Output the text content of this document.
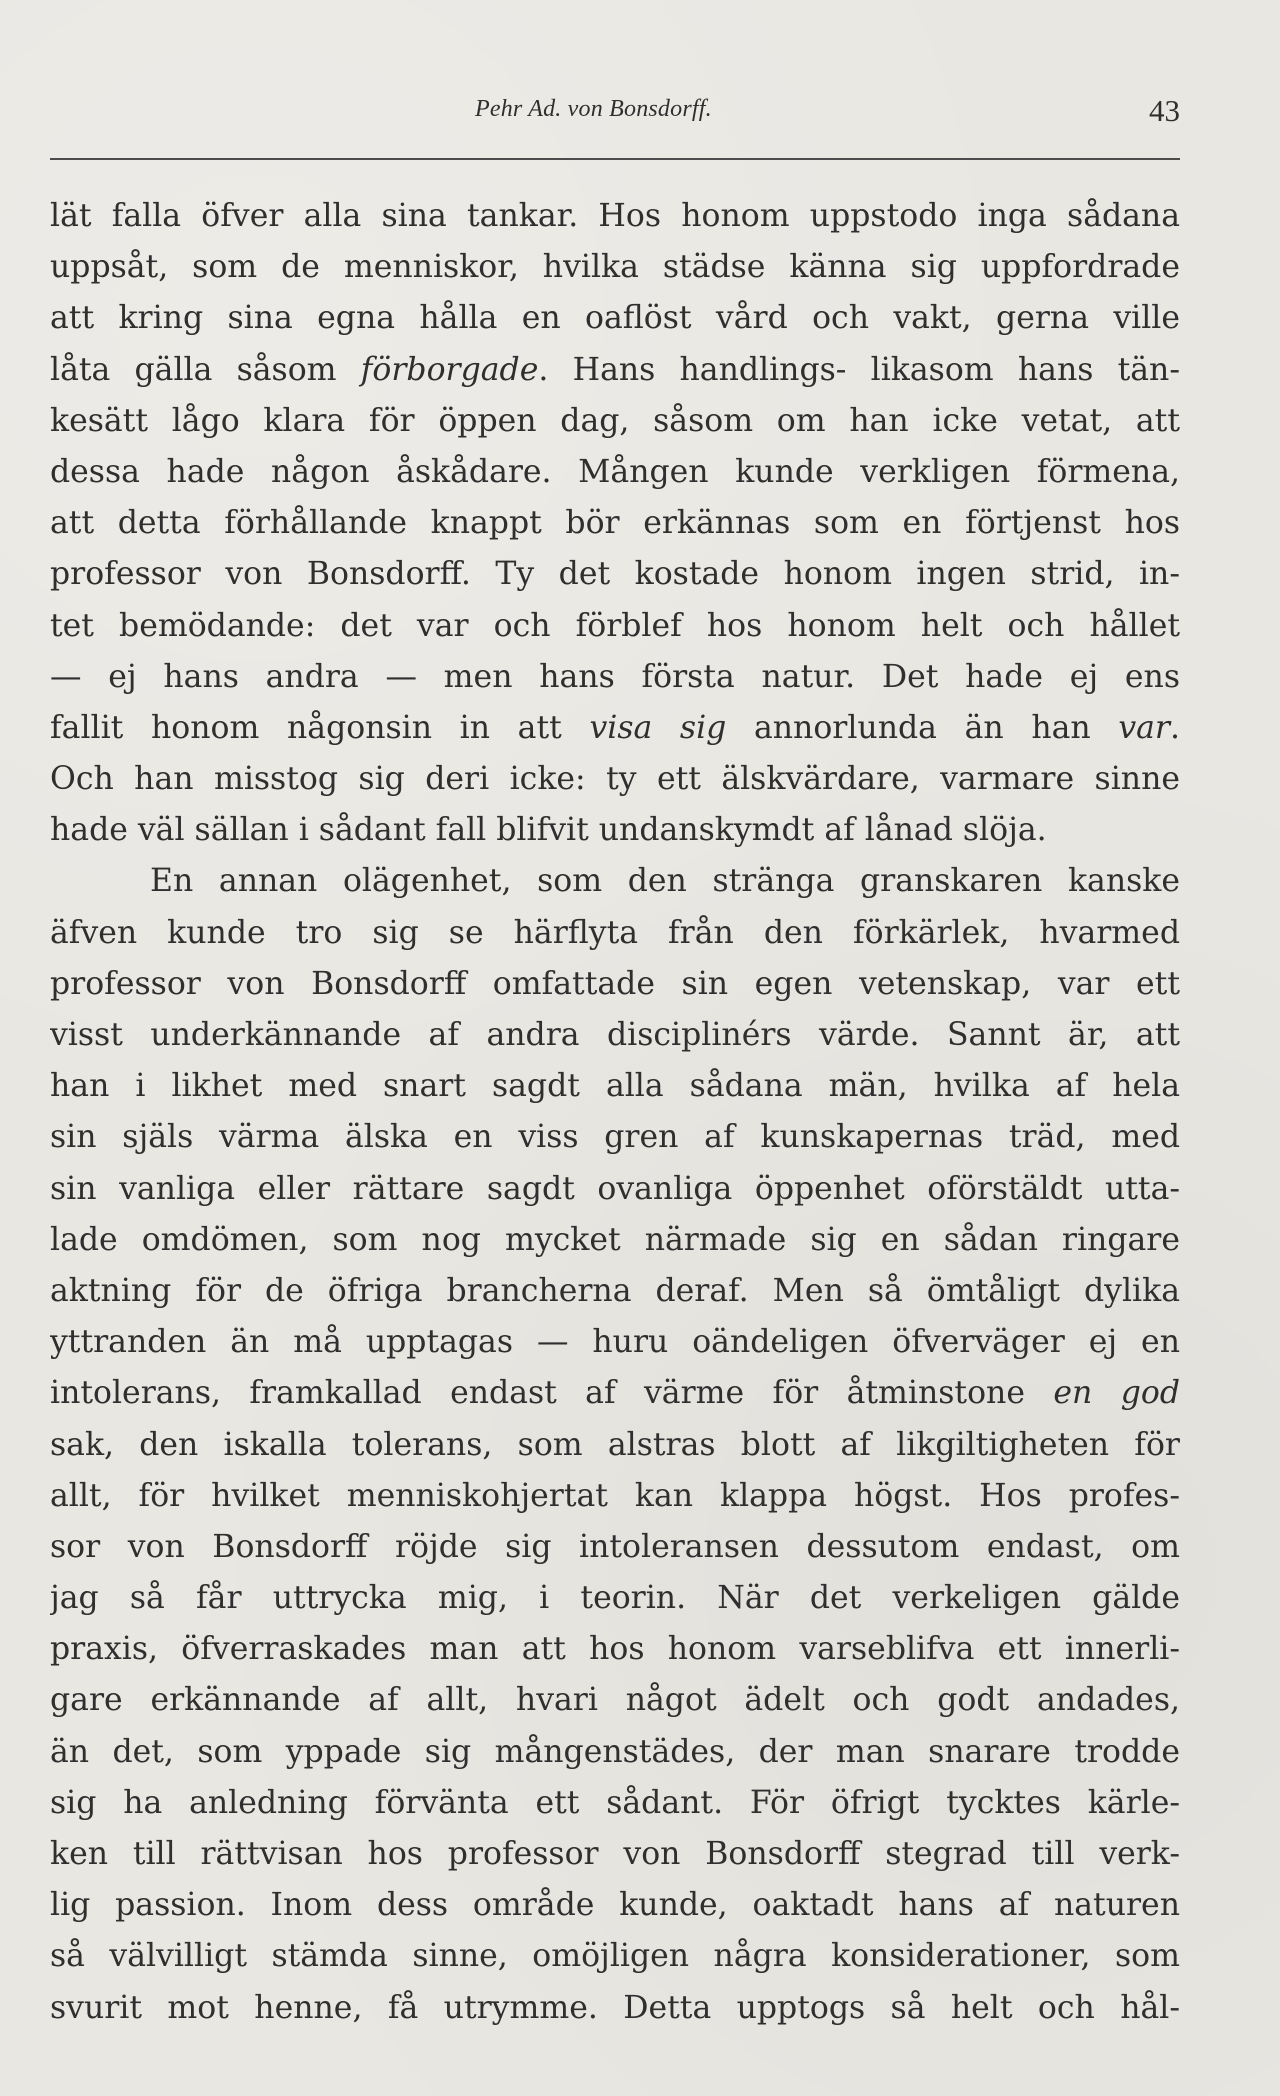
Pehr Ad. von Bonsdorff.	43
lät falla öfver alla sina tankar. Hos honom uppstodo inga sådana
uppsåt, som de menniskor, hvilka städse känna sig uppfordrade
att kring sina egna hålla en oaflöst vård och vakt, gerna ville
låta gälla såsom förborgade. Hans handlings- likasom hans tän-
kesätt lågo klara för öppen dag, såsom om han icke vetat, att
dessa hade någon åskådare. Mången kunde verkligen förmena,
att detta förhållande knappt bör erkännas som en förtjenst hos
professor von Bonsdorff. Ty det kostade honom ingen strid, in-
tet bemödande: det var och förblef hos honom helt och hållet
— ej hans andra — men hans första natur. Det hade ej ens
fallit honom någonsin in att visa sig annorlunda än han var.
Och han misstog sig deri icke: ty ett älskvärdare, varmare sinne
hade väl sällan i sådant fall blifvit undanskymdt af lånad slöja.
En annan olägenhet, som den stränga granskaren kanske
äfven kunde tro sig se härflyta från den förkärlek, hvarmed
professor von Bonsdorff omfattade sin egen vetenskap, var ett
visst underkännande af andra disciplinérs värde. Sannt är, att
han i likhet med snart sagdt alla sådana män, hvilka af hela
sin själs värma älska en viss gren af kunskapernas träd, med
sin vanliga eller rättare sagdt ovanliga öppenhet oförstäldt utta-
lade omdömen, som nog mycket närmade sig en sådan ringare
aktning för de öfriga brancherna deraf. Men så ömtåligt dylika
yttranden än må upptagas — huru oändeligen öfverväger ej en
intolerans, framkallad endast af värme för åtminstone en god
sak, den iskalla tolerans, som alstras blott af likgiltigheten för
allt, för hvilket menniskohjertat kan klappa högst. Hos profes-
sor von Bonsdorff röjde sig intoleransen dessutom endast, om
jag så får uttrycka mig, i teorin. När det verkeligen gälde
praxis, öfverraskades man att hos honom varseblifva ett innerli-
gare erkännande af allt, hvari något ädelt och godt andades,
än det, som yppade sig mångenstädes, der man snarare trodde
sig ha anledning förvänta ett sådant. För öfrigt tycktes kärle-
ken till rättvisan hos professor von Bonsdorff stegrad till verk-
lig passion. Inom dess område kunde, oaktadt hans af naturen
så välvilligt stämda sinne, omöjligen några konsiderationer, som
svurit mot henne, få utrymme. Detta upptogs så helt och hål-
